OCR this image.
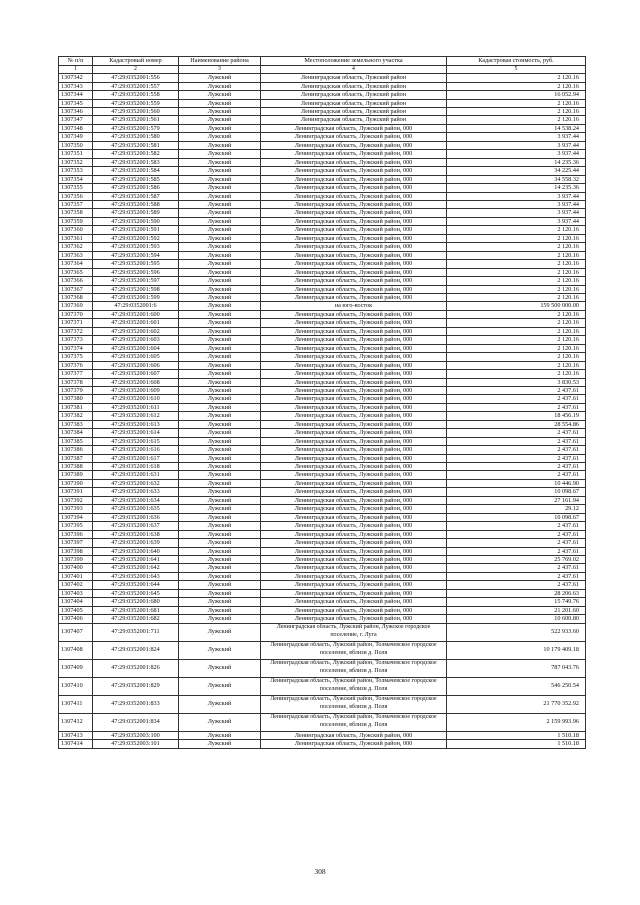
№ п/п	Кадастровый номер	Наименование района	Местоположение земельного участка	Кадастровая стоимость, руб.
1	2	3	4	5
1307342	47:29:0352001:556	Лужский	Ленинградская область, Лужский район	2 120.16
1307343	47:29:0352001:557	Лужский	Ленинградская область, Лужский район	2 120.16
1307344	47:29:0352001:558	Лужский	Ленинградская область, Лужский район	16 052.94
1307345	47:29:0352001:559	Лужский	Ленинградская область, Лужский район	2 120.16
1307346	47:29:0352001:560	Лужский	Ленинградская область, Лужский район	2 120.16
1307347	47:29:0352001:561	Лужский	Ленинградская область, Лужский район	2 120.16
1307348	47:29:0352001:579	Лужский	Ленинградская область, Лужский район, 000	14 538.24
1307349	47:29:0352001:580	Лужский	Ленинградская область, Лужский район, 000	3 937.44
1307350	47:29:0352001:581	Лужский	Ленинградская область, Лужский район, 000	3 937.44
1307351	47:29:0352001:582	Лужский	Ленинградская область, Лужский район, 000	3 937.44
1307352	47:29:0352001:583	Лужский	Ленинградская область, Лужский район, 000	14 235.36
1307353	47:29:0352001:584	Лужский	Ленинградская область, Лужский район, 000	34 225.44
1307354	47:29:0352001:585	Лужский	Ленинградская область, Лужский район, 000	34 558.32
1307355	47:29:0352001:586	Лужский	Ленинградская область, Лужский район, 000	14 235.36
1307356	47:29:0352001:587	Лужский	Ленинградская область, Лужский район, 000	3 937.44
1307357	47:29:0352001:588	Лужский	Ленинградская область, Лужский район, 000	3 937.44
1307358	47:29:0352001:589	Лужский	Ленинградская область, Лужский район, 000	3 937.44
1307359	47:29:0352001:590	Лужский	Ленинградская область, Лужский район, 000	3 937.44
1307360	47:29:0352001:591	Лужский	Ленинградская область, Лужский район, 000	2 120.16
1307361	47:29:0352001:592	Лужский	Ленинградская область, Лужский район, 000	2 120.16
1307362	47:29:0352001:593	Лужский	Ленинградская область, Лужский район, 000	2 120.16
1307363	47:29:0352001:594	Лужский	Ленинградская область, Лужский район, 000	2 120.16
1307364	47:29:0352001:595	Лужский	Ленинградская область, Лужский район, 000	2 120.16
1307365	47:29:0352001:596	Лужский	Ленинградская область, Лужский район, 000	2 120.16
1307366	47:29:0352001:597	Лужский	Ленинградская область, Лужский район, 000	2 120.16
1307367	47:29:0352001:598	Лужский	Ленинградская область, Лужский район, 000	2 120.16
1307368	47:29:0352001:599	Лужский	Ленинградская область, Лужский район, 000	2 120.16
1307369	47:29:0352001:6	Лужский	на юго-восток	159 500 000.00
1307370	47:29:0352001:600	Лужский	Ленинградская область, Лужский район, 000	2 120.16
1307371	47:29:0352001:601	Лужский	Ленинградская область, Лужский район, 000	2 120.16
1307372	47:29:0352001:602	Лужский	Ленинградская область, Лужский район, 000	2 120.16
1307373	47:29:0352001:603	Лужский	Ленинградская область, Лужский район, 000	2 120.16
1307374	47:29:0352001:604	Лужский	Ленинградская область, Лужский район, 000	2 120.16
1307375	47:29:0352001:605	Лужский	Ленинградская область, Лужский район, 000	2 120.16
1307376	47:29:0352001:606	Лужский	Ленинградская область, Лужский район, 000	2 120.16
1307377	47:29:0352001:607	Лужский	Ленинградская область, Лужский район, 000	2 120.16
1307378	47:29:0352001:608	Лужский	Ленинградская область, Лужский район, 000	3 830.53
1307379	47:29:0352001:609	Лужский	Ленинградская область, Лужский район, 000	2 437.61
1307380	47:29:0352001:610	Лужский	Ленинградская область, Лужский район, 000	2 437.61
1307381	47:29:0352001:611	Лужский	Ленинградская область, Лужский район, 000	2 437.61
1307382	47:29:0352001:612	Лужский	Ленинградская область, Лужский район, 000	18 456.19
1307383	47:29:0352001:613	Лужский	Ленинградская область, Лужский район, 000	28 554.86
1307384	47:29:0352001:614	Лужский	Ленинградская область, Лужский район, 000	2 437.61
1307385	47:29:0352001:615	Лужский	Ленинградская область, Лужский район, 000	2 437.61
1307386	47:29:0352001:616	Лужский	Ленинградская область, Лужский район, 000	2 437.61
1307387	47:29:0352001:617	Лужский	Ленинградская область, Лужский район, 000	2 437.61
1307388	47:29:0352001:618	Лужский	Ленинградская область, Лужский район, 000	2 437.61
1307389	47:29:0352001:631	Лужский	Ленинградская область, Лужский район, 000	2 437.61
1307390	47:29:0352001:632	Лужский	Ленинградская область, Лужский район, 000	10 446.90
1307391	47:29:0352001:633	Лужский	Ленинградская область, Лужский район, 000	10 098.67
1307392	47:29:0352001:634	Лужский	Ленинградская область, Лужский район, 000	27 161.94
1307393	47:29:0352001:635	Лужский	Ленинградская область, Лужский район, 000	29.12
1307394	47:29:0352001:636	Лужский	Ленинградская область, Лужский район, 000	10 098.67
1307395	47:29:0352001:637	Лужский	Ленинградская область, Лужский район, 000	2 437.61
1307396	47:29:0352001:638	Лужский	Ленинградская область, Лужский район, 000	2 437.61
1307397	47:29:0352001:639	Лужский	Ленинградская область, Лужский район, 000	2 437.61
1307398	47:29:0352001:640	Лужский	Ленинградская область, Лужский район, 000	2 437.61
1307399	47:29:0352001:641	Лужский	Ленинградская область, Лужский район, 000	25 769.02
1307400	47:29:0352001:642	Лужский	Ленинградская область, Лужский район, 000	2 437.61
1307401	47:29:0352001:643	Лужский	Ленинградская область, Лужский район, 000	2 437.61
1307402	47:29:0352001:644	Лужский	Ленинградская область, Лужский район, 000	2 437.61
1307403	47:29:0352001:645	Лужский	Ленинградская область, Лужский район, 000	28 206.63
1307404	47:29:0352001:680	Лужский	Ленинградская область, Лужский район, 000	15 749.76
1307405	47:29:0352001:681	Лужский	Ленинградская область, Лужский район, 000	21 201.60
1307406	47:29:0352001:682	Лужский	Ленинградская область, Лужский район, 000	10 600.80
1307407	47:29:0352001:711	Лужский	Ленинградская область, Лужский район, Лужское городское поселение, г. Луга	522 933.60
1307408	47:29:0352001:824	Лужский	Ленинградская область, Лужский район, Толмачевское городское поселение, вблизи д. Поля	10 179 409.18
1307409	47:29:0352001:826	Лужский	Ленинградская область, Лужский район, Толмачевское городское поселение, вблизи д. Поля	787 043.76
1307410	47:29:0352001:829	Лужский	Ленинградская область, Лужский район, Толмачевское городское поселение, вблизи д. Поля	546 250.54
1307411	47:29:0352001:833	Лужский	Ленинградская область, Лужский район, Толмачевское городское поселение, вблизи д. Поля	21 770 352.92
1307412	47:29:0352001:834	Лужский	Ленинградская область, Лужский район, Толмачевское городское поселение, вблизи д. Поля	2 159 993.96
1307413	47:29:0352003:100	Лужский	Ленинградская область, Лужский район, 000	1 510.18
1307414	47:29:0352003:101	Лужский	Ленинградская область, Лужский район, 000	1 510.18
308
